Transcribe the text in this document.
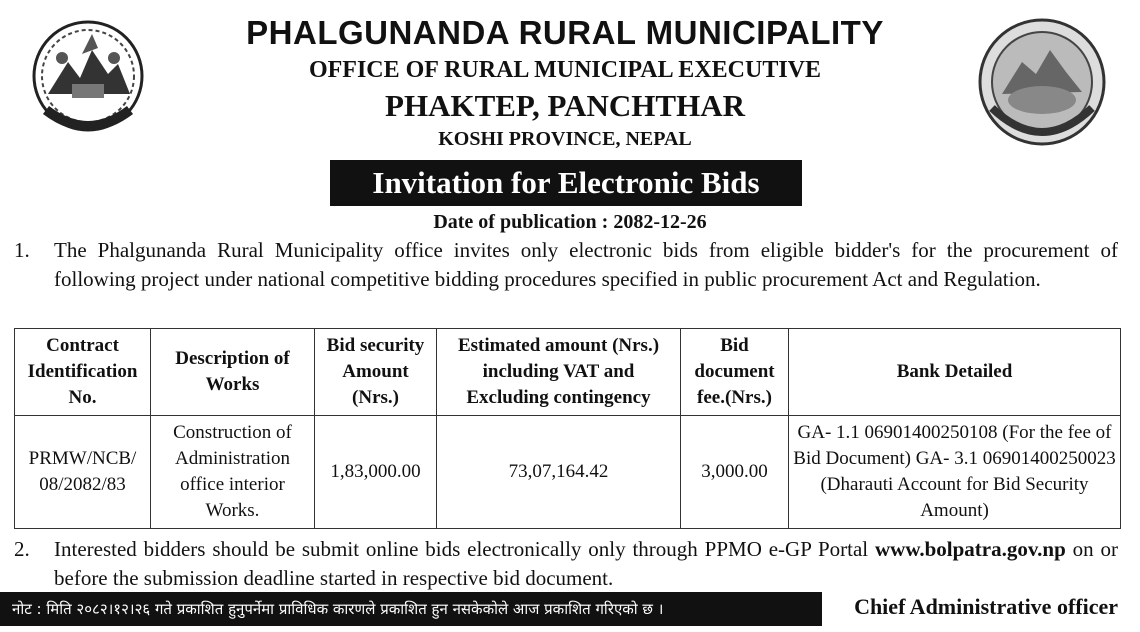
PHALGUNANDA RURAL MUNICIPALITY
OFFICE OF RURAL MUNICIPAL EXECUTIVE
PHAKTEP, PANCHTHAR
KOSHI PROVINCE, NEPAL
Invitation for Electronic Bids
Date of publication : 2082-12-26
1. The Phalgunanda Rural Municipality office invites only electronic bids from eligible bidder's for the procurement of following project under national competitive bidding procedures specified in public procurement Act and Regulation.
Contract Identification No.	Description of Works	Bid security Amount (Nrs.)	Estimated amount (Nrs.) including VAT and Excluding contingency	Bid document fee.(Nrs.)	Bank Detailed
PRMW/NCB/ 08/2082/83	Construction of Administration office interior Works.	1,83,000.00	73,07,164.42	3,000.00	GA- 1.1 06901400250108 (For the fee of Bid Document) GA- 3.1 06901400250023 (Dharauti Account for Bid Security Amount)
2. Interested bidders should be submit online bids electronically only through PPMO e-GP Portal www.bolpatra.gov.np on or before the submission deadline started in respective bid document.
नोट : मिति २०८२।१२।२६ गते प्रकाशित हुनुपर्नेमा प्राविधिक कारणले प्रकाशित हुन नसकेकोले आज प्रकाशित गरिएको छ ।	Chief Administrative officer
